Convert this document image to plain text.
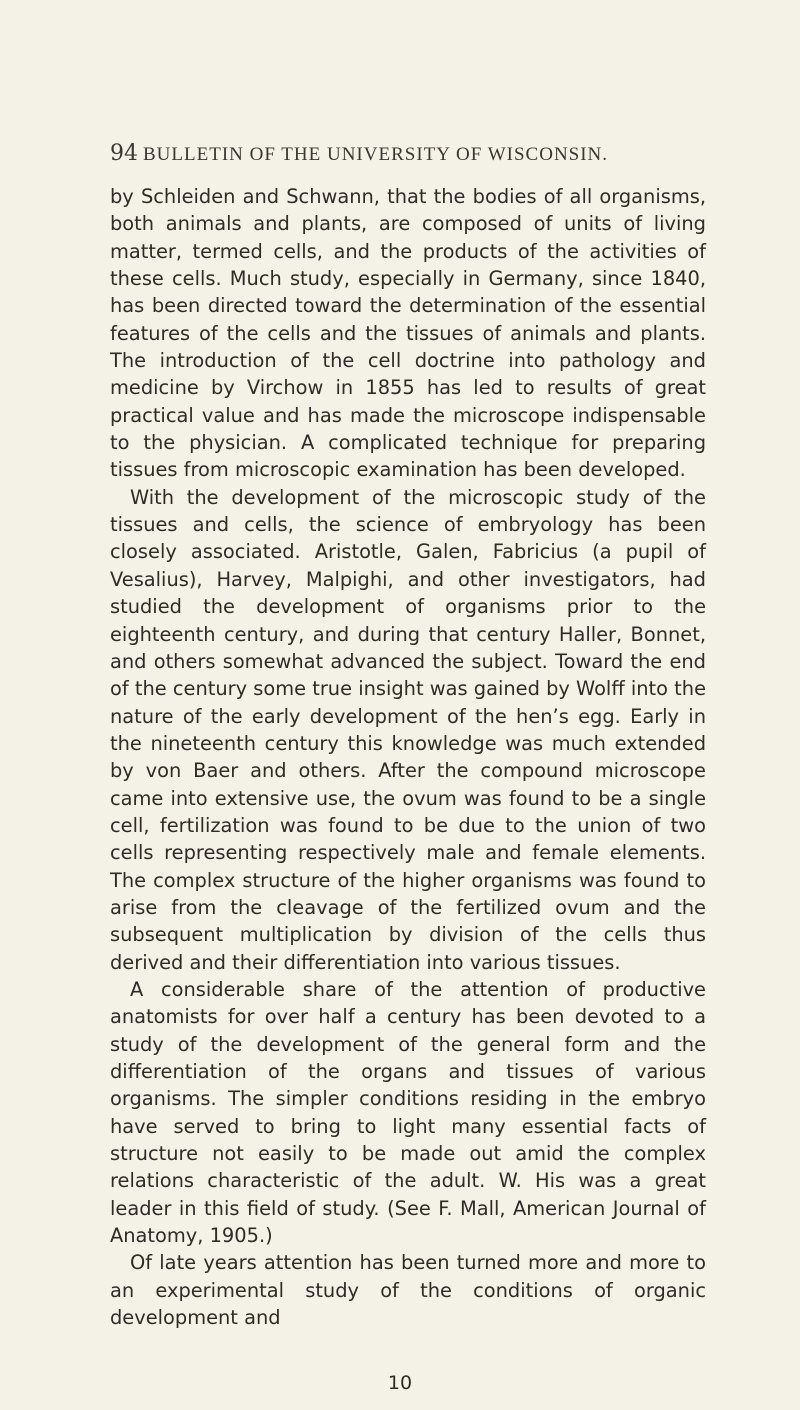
94 BULLETIN OF THE UNIVERSITY OF WISCONSIN.

by Schleiden and Schwann, that the bodies of all organisms, both animals and plants, are composed of units of living matter, termed cells, and the products of the activities of these cells. Much study, especially in Germany, since 1840, has been directed toward the determination of the essential features of the cells and the tissues of animals and plants. The introduction of the cell doctrine into pathology and medicine by Virchow in 1855 has led to results of great practical value and has made the microscope indispensable to the physician. A complicated technique for preparing tissues from microscopic examination has been developed.

With the development of the microscopic study of the tissues and cells, the science of embryology has been closely associated. Aristotle, Galen, Fabricius (a pupil of Vesalius), Harvey, Malpighi, and other investigators, had studied the development of organisms prior to the eighteenth century, and during that century Haller, Bonnet, and others somewhat advanced the subject. Toward the end of the century some true insight was gained by Wolff into the nature of the early development of the hen’s egg. Early in the nineteenth century this knowledge was much extended by von Baer and others. After the compound microscope came into extensive use, the ovum was found to be a single cell, fertilization was found to be due to the union of two cells representing respectively male and female elements. The complex structure of the higher organisms was found to arise from the cleavage of the fertilized ovum and the subsequent multiplication by division of the cells thus derived and their differentiation into various tissues.

A considerable share of the attention of productive anatomists for over half a century has been devoted to a study of the development of the general form and the differentiation of the organs and tissues of various organisms. The simpler conditions residing in the embryo have served to bring to light many essential facts of structure not easily to be made out amid the complex relations characteristic of the adult. W. His was a great leader in this field of study. (See F. Mall, American Journal of Anatomy, 1905.)

Of late years attention has been turned more and more to an experimental study of the conditions of organic development and

10
